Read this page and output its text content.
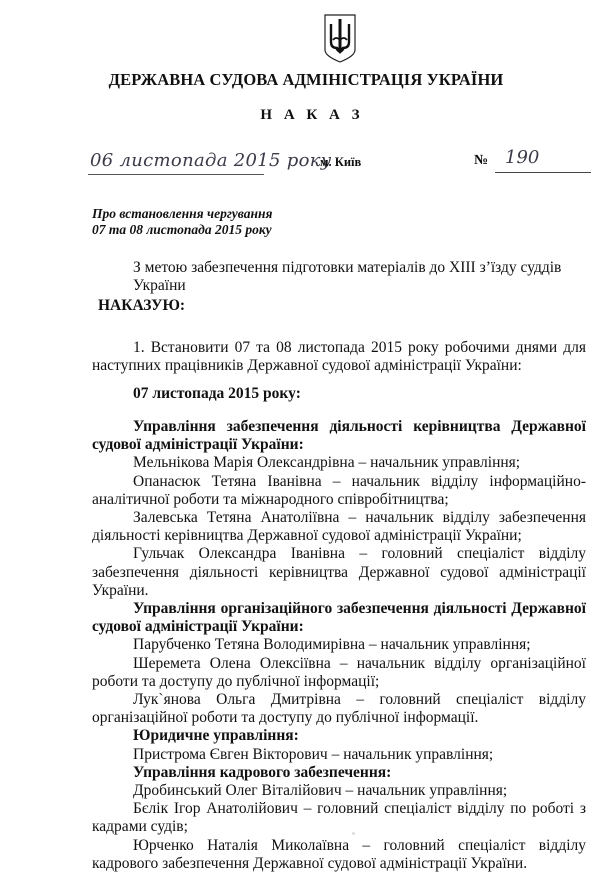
ДЕРЖАВНА СУДОВА АДМІНІСТРАЦІЯ УКРАЇНИ
Н А К А З
06 листопада 2015 року
м. Київ	№ 190
Про встановлення чергування
07 та 08 листопада 2015 року
З метою забезпечення підготовки матеріалів до XIII з’їзду суддів України
НАКАЗУЮ:

1. Встановити 07 та 08 листопада 2015 року робочими днями для наступних працівників Державної судової адміністрації України:

07 листопада 2015 року:

Управління забезпечення діяльності керівництва Державної судової адміністрації України:

Мельнікова Марія Олександрівна – начальник управління;

Опанасюк Тетяна Іванівна – начальник відділу інформаційно-аналітичної роботи та міжнародного співробітництва;

Залевська Тетяна Анатоліївна – начальник відділу забезпечення діяльності керівництва Державної судової адміністрації України;

Гульчак Олександра Іванівна – головний спеціаліст відділу забезпечення діяльності керівництва Державної судової адміністрації України.

Управління організаційного забезпечення діяльності Державної судової адміністрації України:

Парубченко Тетяна Володимирівна – начальник управління;

Шеремета Олена Олексіївна – начальник відділу організаційної роботи та доступу до публічної інформації;

Лук`янова Ольга Дмитрівна – головний спеціаліст відділу організаційної роботи та доступу до публічної інформації.

Юридичне управління:

Пристрома Євген Вікторович – начальник управління;

Управління кадрового забезпечення:

Дробинський Олег Віталійович – начальник управління;

Бєлік Ігор Анатолійович – головний спеціаліст відділу по роботі з кадрами судів;

Юрченко Наталія Миколаївна – головний спеціаліст відділу кадрового забезпечення Державної судової адміністрації України.
